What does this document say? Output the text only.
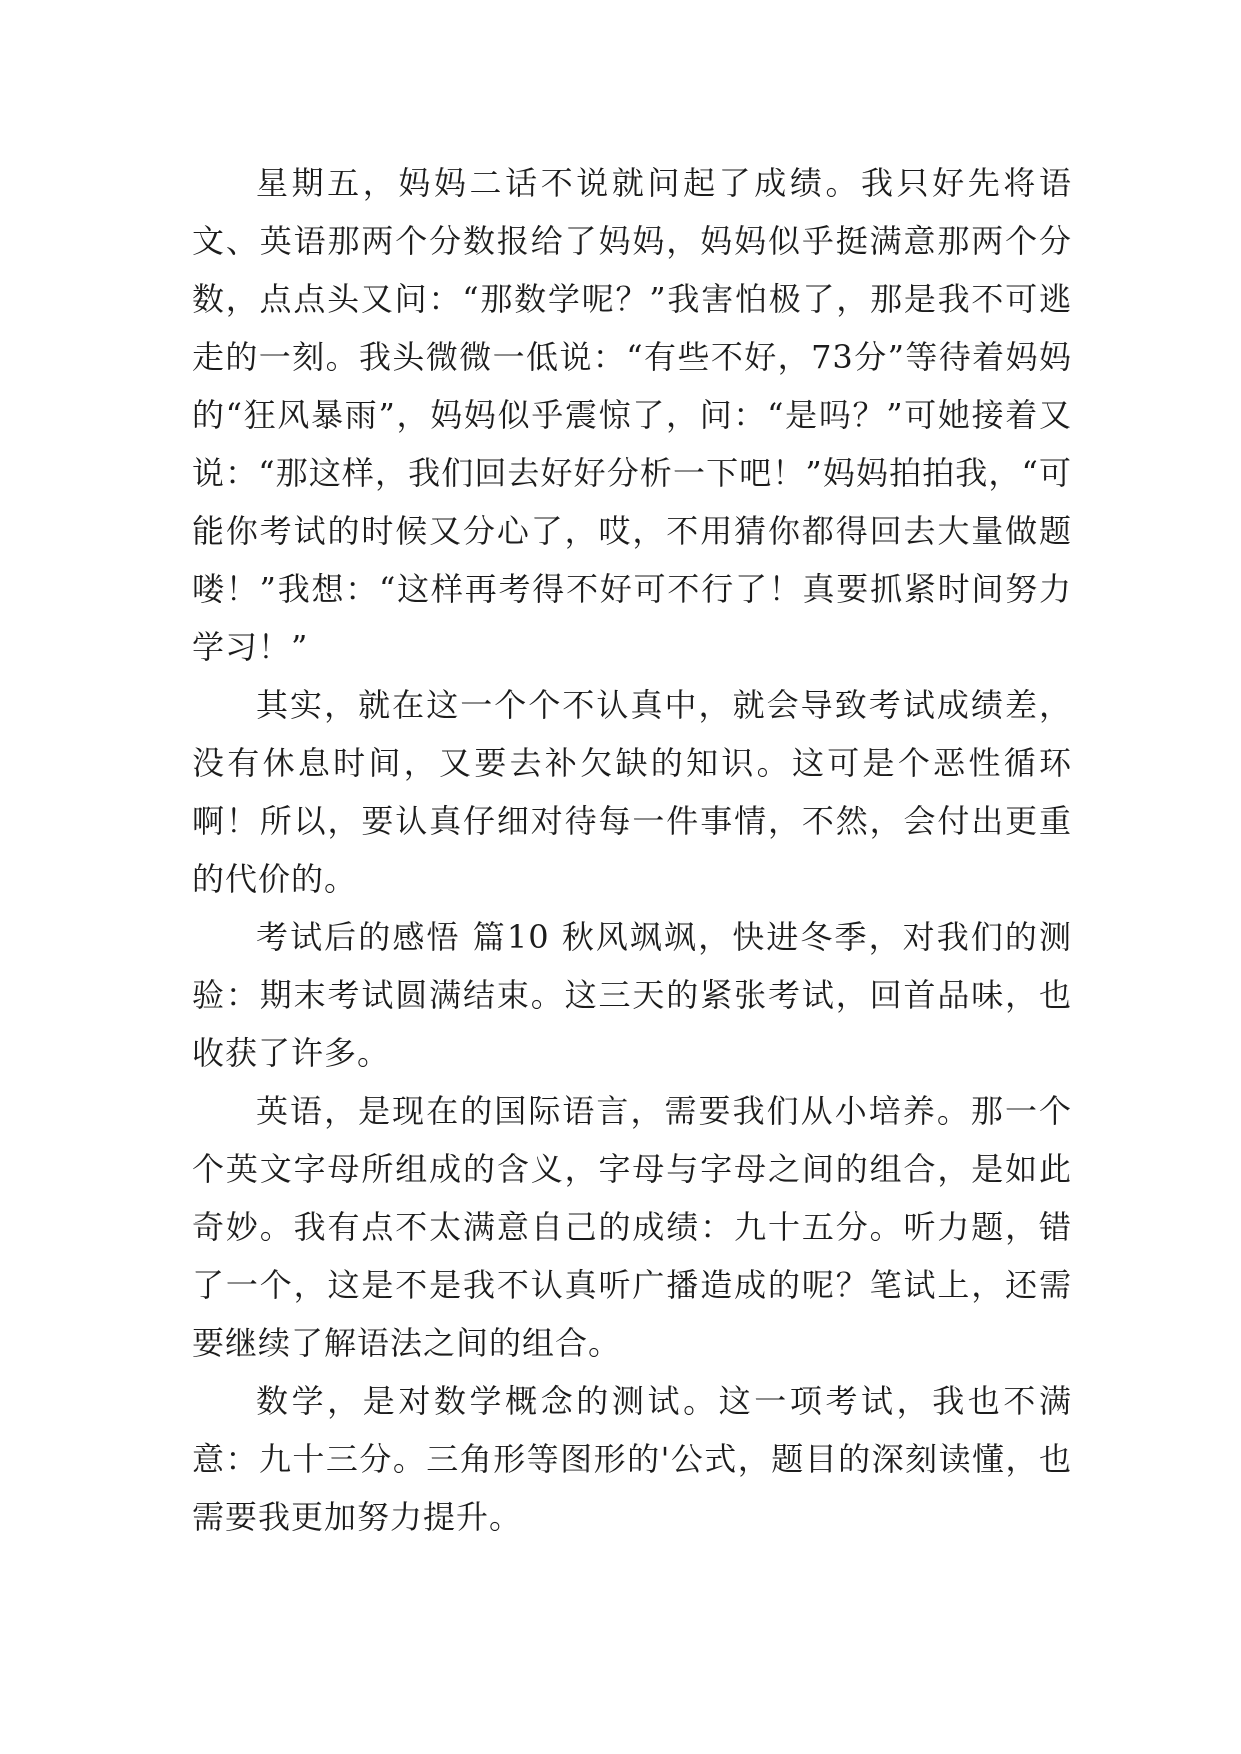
星期五，妈妈二话不说就问起了成绩。我只好先将语文、英语那两个分数报给了妈妈，妈妈似乎挺满意那两个分数，点点头又问：“那数学呢？”我害怕极了，那是我不可逃走的一刻。我头微微一低说：“有些不好，73分”等待着妈妈的“狂风暴雨”，妈妈似乎震惊了，问：“是吗？”可她接着又说：“那这样，我们回去好好分析一下吧！”妈妈拍拍我，“可能你考试的时候又分心了，哎，不用猜你都得回去大量做题喽！”我想：“这样再考得不好可不行了！真要抓紧时间努力学习！”

其实，就在这一个个不认真中，就会导致考试成绩差，没有休息时间，又要去补欠缺的知识。这可是个恶性循环啊！所以，要认真仔细对待每一件事情，不然，会付出更重的代价的。

考试后的感悟 篇10 秋风飒飒，快进冬季，对我们的测验：期末考试圆满结束。这三天的紧张考试，回首品味，也收获了许多。

英语，是现在的国际语言，需要我们从小培养。那一个个英文字母所组成的含义，字母与字母之间的组合，是如此奇妙。我有点不太满意自己的成绩：九十五分。听力题，错了一个，这是不是我不认真听广播造成的呢？笔试上，还需要继续了解语法之间的组合。

数学，是对数学概念的测试。这一项考试，我也不满意：九十三分。三角形等图形的'公式，题目的深刻读懂，也需要我更加努力提升。
